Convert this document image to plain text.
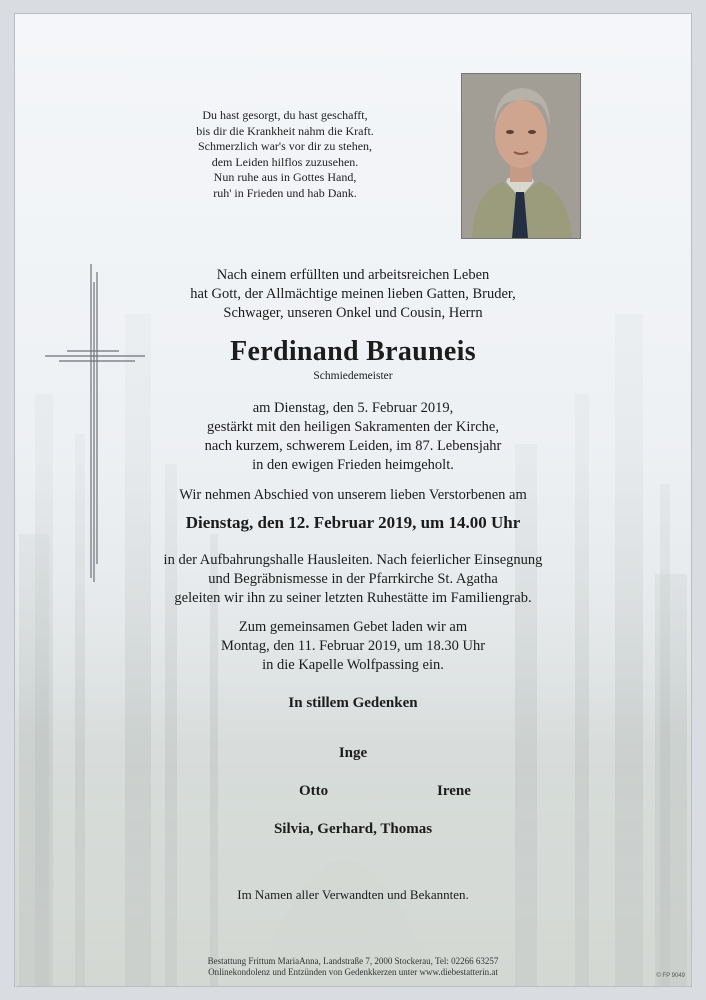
Du hast gesorgt, du hast geschafft,
bis dir die Krankheit nahm die Kraft.
Schmerzlich war's vor dir zu stehen,
dem Leiden hilflos zuzusehen.
Nun ruhe aus in Gottes Hand,
ruh' in Frieden und hab Dank.
Nach einem erfüllten und arbeitsreichen Leben
hat Gott, der Allmächtige meinen lieben Gatten, Bruder,
Schwager, unseren Onkel und Cousin, Herrn
Ferdinand Brauneis
Schmiedemeister
am Dienstag, den 5. Februar 2019,
gestärkt mit den heiligen Sakramenten der Kirche,
nach kurzem, schwerem Leiden, im 87. Lebensjahr
in den ewigen Frieden heimgeholt.
Wir nehmen Abschied von unserem lieben Verstorbenen am
Dienstag, den 12. Februar 2019, um 14.00 Uhr
in der Aufbahrungshalle Hausleiten. Nach feierlicher Einsegnung
und Begräbnismesse in der Pfarrkirche St. Agatha
geleiten wir ihn zu seiner letzten Ruhestätte im Familiengrab.
Zum gemeinsamen Gebet laden wir am
Montag, den 11. Februar 2019, um 18.30 Uhr
in die Kapelle Wolfpassing ein.
In stillem Gedenken
Inge
Otto	Irene
Silvia, Gerhard, Thomas
Im Namen aller Verwandten und Bekannten.
Bestattung Frittum MariaAnna, Landstraße 7, 2000 Stockerau, Tel: 02266 63257
Onlinekondolenz und Entzünden von Gedenkkerzen unter www.diebestatterin.at	© FP 9049
